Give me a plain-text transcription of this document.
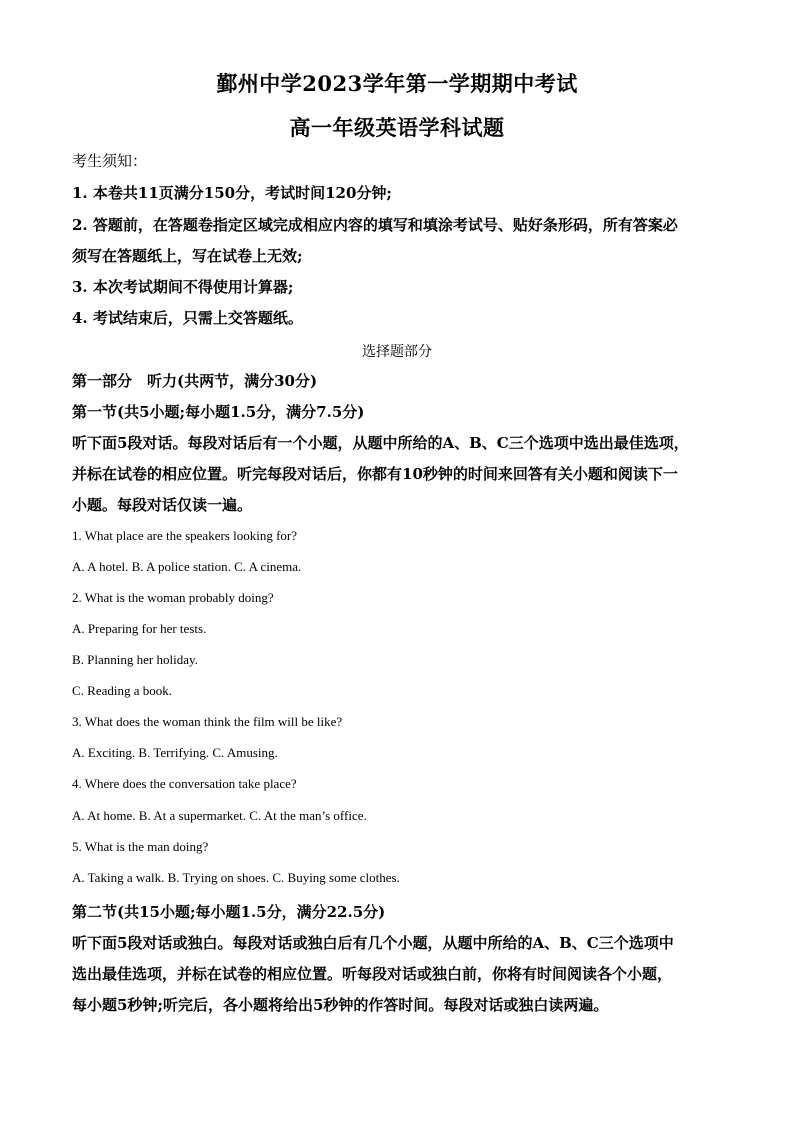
鄞州中学2023学年第一学期期中考试
高一年级英语学科试题
考生须知：
1. 本卷共11页满分150分，考试时间120分钟;
2. 答题前，在答题卷指定区域完成相应内容的填写和填涂考试号、贴好条形码，所有答案必
须写在答题纸上，写在试卷上无效;
3. 本次考试期间不得使用计算器;
4. 考试结束后，只需上交答题纸。
选择题部分
第一部分　听力(共两节，满分30分)
第一节(共5小题;每小题1.5分，满分7.5分)
听下面5段对话。每段对话后有一个小题，从题中所给的A、B、C三个选项中选出最佳选项，
并标在试卷的相应位置。听完每段对话后，你都有10秒钟的时间来回答有关小题和阅读下一
小题。每段对话仅读一遍。
1. What place are the speakers looking for?
A. A hotel. B. A police station. C. A cinema.
2. What is the woman probably doing?
A. Preparing for her tests.
B. Planning her holiday.
C. Reading a book.
3. What does the woman think the film will be like?
A. Exciting. B. Terrifying. C. Amusing.
4. Where does the conversation take place?
A. At home. B. At a supermarket. C. At the man’s office.
5. What is the man doing?
A. Taking a walk. B. Trying on shoes. C. Buying some clothes.
第二节(共15小题;每小题1.5分，满分22.5分)
听下面5段对话或独白。每段对话或独白后有几个小题，从题中所给的A、B、C三个选项中
选出最佳选项，并标在试卷的相应位置。听每段对话或独白前，你将有时间阅读各个小题，
每小题5秒钟;听完后，各小题将给出5秒钟的作答时间。每段对话或独白读两遍。
